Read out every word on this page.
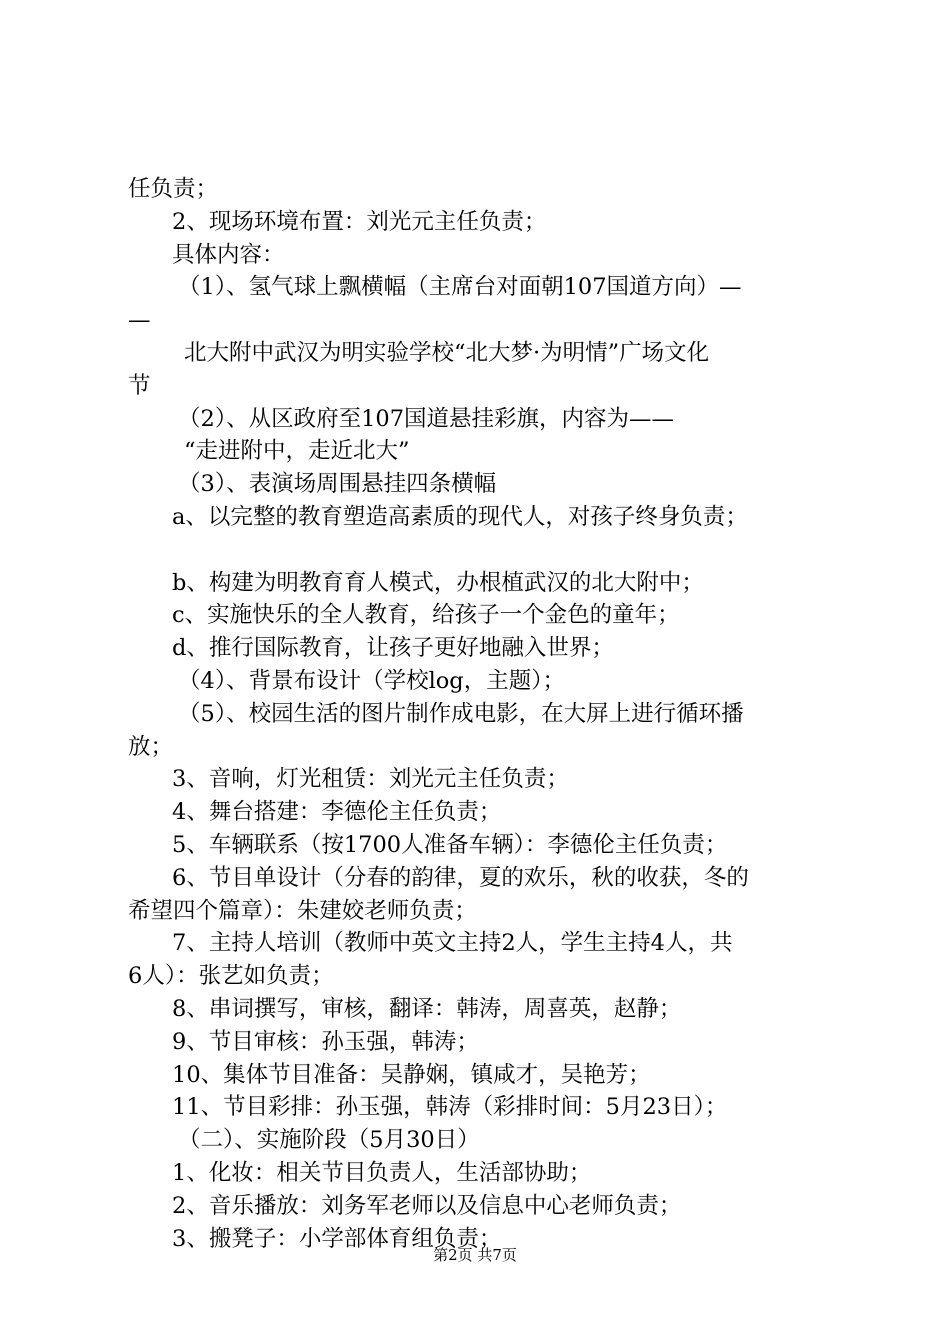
任负责；
2、现场环境布置：刘光元主任负责；
具体内容：
（1）、氢气球上飘横幅（主席台对面朝107国道方向）—
—
北大附中武汉为明实验学校“北大梦·为明情”广场文化
节
（2）、从区政府至107国道悬挂彩旗，内容为——
“走进附中，走近北大”
（3）、表演场周围悬挂四条横幅
a、以完整的教育塑造高素质的现代人，对孩子终身负责；
b、构建为明教育育人模式，办根植武汉的北大附中；
c、实施快乐的全人教育，给孩子一个金色的童年；
d、推行国际教育，让孩子更好地融入世界；
（4）、背景布设计（学校log，主题）；
（5）、校园生活的图片制作成电影，在大屏上进行循环播
放；
3、音响，灯光租赁：刘光元主任负责；
4、舞台搭建：李德伦主任负责；
5、车辆联系（按1700人准备车辆）：李德伦主任负责；
6、节目单设计（分春的韵律，夏的欢乐，秋的收获，冬的
希望四个篇章）：朱建姣老师负责；
7、主持人培训（教师中英文主持2人，学生主持4人，共
6人）：张艺如负责；
8、串词撰写，审核，翻译：韩涛，周喜英，赵静；
9、节目审核：孙玉强，韩涛；
10、集体节目准备：吴静娴，镇咸才，吴艳芳；
11、节目彩排：孙玉强，韩涛（彩排时间：5月23日）；
（二）、实施阶段（5月30日）
1、化妆：相关节目负责人，生活部协助；
2、音乐播放：刘务军老师以及信息中心老师负责；
3、搬凳子：小学部体育组负责；
第2页 共7页
